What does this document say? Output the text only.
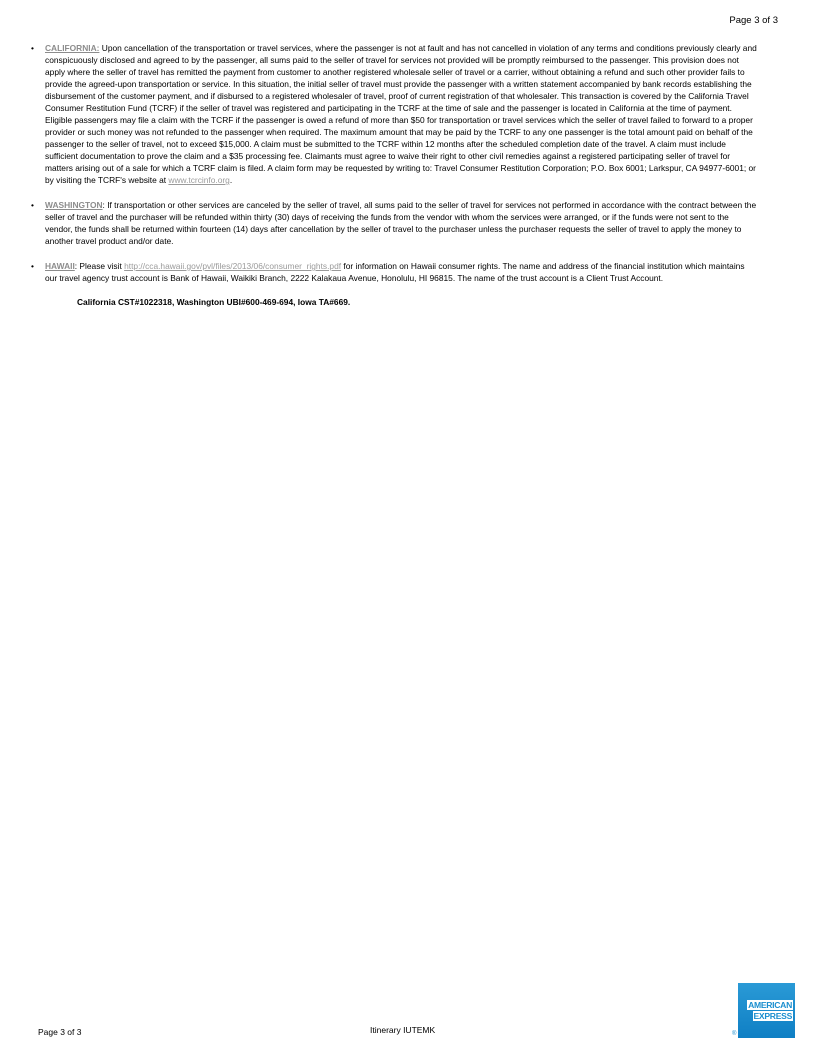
Page 3 of 3
• CALIFORNIA: Upon cancellation of the transportation or travel services, where the passenger is not at fault and has not cancelled in violation of any terms and conditions previously clearly and conspicuously disclosed and agreed to by the passenger, all sums paid to the seller of travel for services not provided will be promptly reimbursed to the passenger. This provision does not apply where the seller of travel has remitted the payment from customer to another registered wholesale seller of travel or a carrier, without obtaining a refund and such other provider fails to provide the agreed-upon transportation or service. In this situation, the initial seller of travel must provide the passenger with a written statement accompanied by bank records establishing the disbursement of the customer payment, and if disbursed to a registered wholesaler of travel, proof of current registration of that wholesaler. This transaction is covered by the California Travel Consumer Restitution Fund (TCRF) if the seller of travel was registered and participating in the TCRF at the time of sale and the passenger is located in California at the time of payment. Eligible passengers may file a claim with the TCRF if the passenger is owed a refund of more than $50 for transportation or travel services which the seller of travel failed to forward to a proper provider or such money was not refunded to the passenger when required. The maximum amount that may be paid by the TCRF to any one passenger is the total amount paid on behalf of the passenger to the seller of travel, not to exceed $15,000. A claim must be submitted to the TCRF within 12 months after the scheduled completion date of the travel. A claim must include sufficient documentation to prove the claim and a $35 processing fee. Claimants must agree to waive their right to other civil remedies against a registered participating seller of travel for matters arising out of a sale for which a TCRF claim is filed. A claim form may be requested by writing to: Travel Consumer Restitution Corporation; P.O. Box 6001; Larkspur, CA 94977-6001; or by visiting the TCRF's website at www.tcrcinfo.org.
• WASHINGTON: If transportation or other services are canceled by the seller of travel, all sums paid to the seller of travel for services not performed in accordance with the contract between the seller of travel and the purchaser will be refunded within thirty (30) days of receiving the funds from the vendor with whom the services were arranged, or if the funds were not sent to the vendor, the funds shall be returned within fourteen (14) days after cancellation by the seller of travel to the purchaser unless the purchaser requests the seller of travel to apply the money to another travel product and/or date.
• HAWAII: Please visit http://cca.hawaii.gov/pvl/files/2013/06/consumer_rights.pdf for information on Hawaii consumer rights. The name and address of the financial institution which maintains our travel agency trust account is Bank of Hawaii, Waikiki Branch, 2222 Kalakaua Avenue, Honolulu, HI 96815. The name of the trust account is a Client Trust Account.
California CST#1022318, Washington UBI#600-469-694, Iowa TA#669.
Page 3 of 3	Itinerary IUTEMK
AMERICAN
EXPRESS
®
